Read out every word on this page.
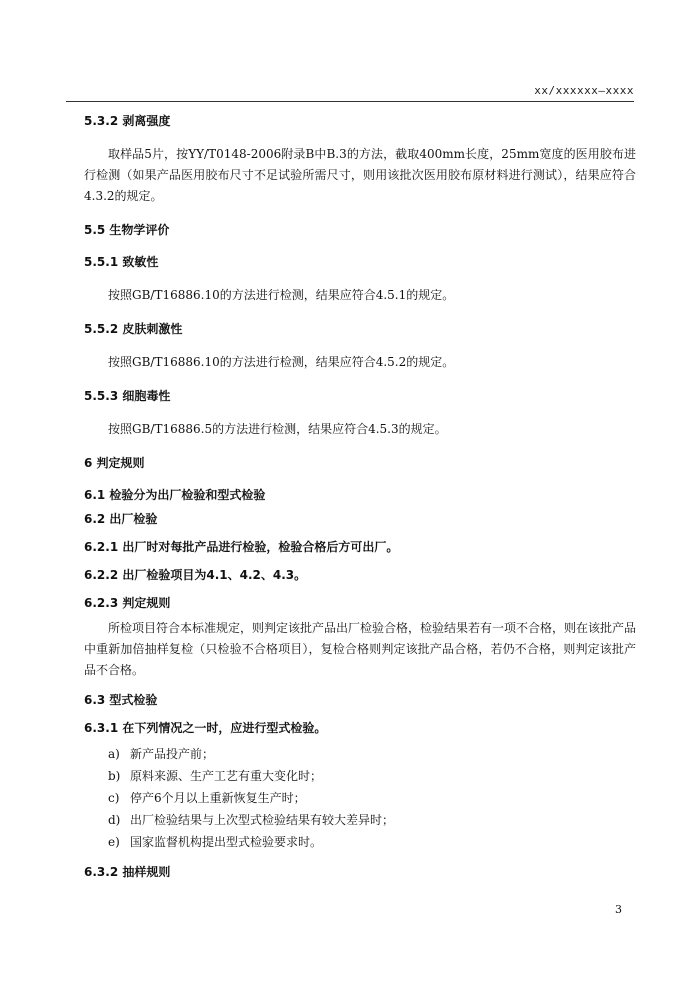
xx/xxxxxx—xxxx
5.3.2 剥离强度

取样品5片，按YY/T0148-2006附录B中B.3的方法，截取400mm长度，25mm宽度的医用胶布进行检测（如果产品医用胶布尺寸不足试验所需尺寸，则用该批次医用胶布原材料进行测试），结果应符合4.3.2的规定。

5.5 生物学评价
5.5.1 致敏性

按照GB/T16886.10的方法进行检测，结果应符合4.5.1的规定。

5.5.2 皮肤刺激性

按照GB/T16886.10的方法进行检测，结果应符合4.5.2的规定。

5.5.3 细胞毒性

按照GB/T16886.5的方法进行检测，结果应符合4.5.3的规定。

6 判定规则
6.1 检验分为出厂检验和型式检验
6.2 出厂检验
6.2.1 出厂时对每批产品进行检验，检验合格后方可出厂。
6.2.2 出厂检验项目为4.1、4.2、4.3。
6.2.3 判定规则

所检项目符合本标准规定，则判定该批产品出厂检验合格，检验结果若有一项不合格，则在该批产品中重新加倍抽样复检（只检验不合格项目），复检合格则判定该批产品合格，若仍不合格，则判定该批产品不合格。

6.3 型式检验
6.3.1 在下列情况之一时，应进行型式检验。
a) 新产品投产前；
b) 原料来源、生产工艺有重大变化时；
c) 停产6个月以上重新恢复生产时；
d) 出厂检验结果与上次型式检验结果有较大差异时；
e) 国家监督机构提出型式检验要求时。
6.3.2 抽样规则
3
